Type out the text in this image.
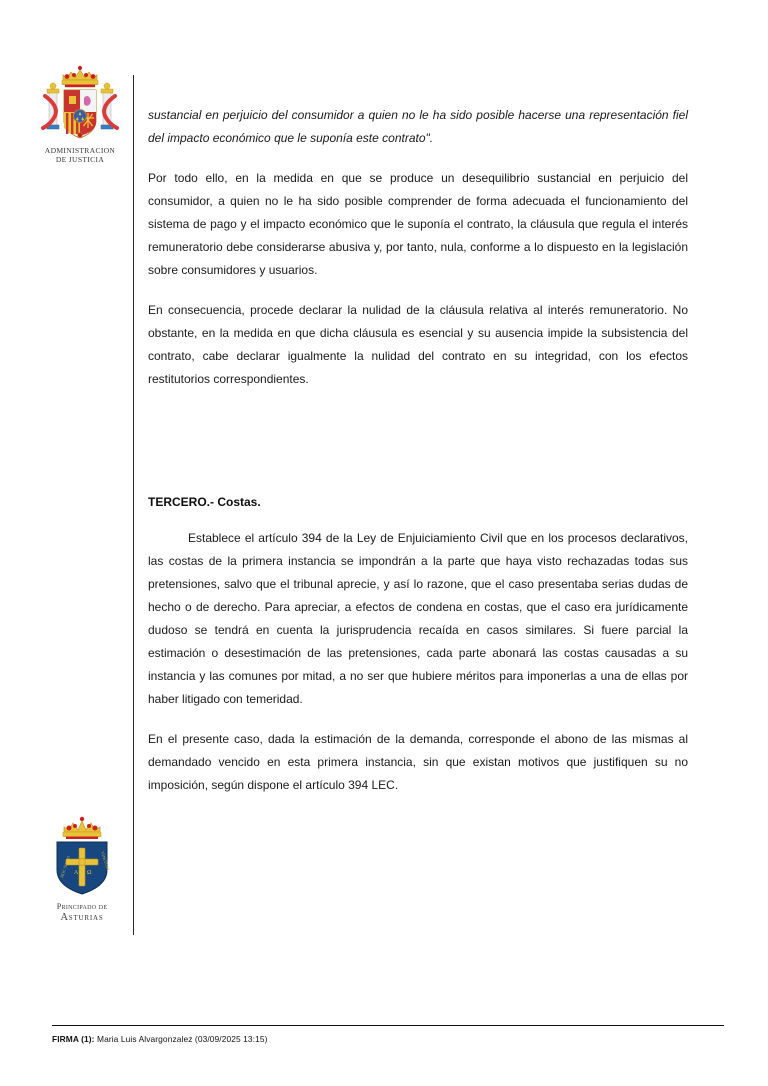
ADMINISTRACION
DE JUSTICIA
A Ω
HOC SIGNO	VINCITUR
Principado de
Asturias

sustancial en perjuicio del consumidor a quien no le ha sido posible hacerse una representación fiel del impacto económico que le suponía este contrato".

Por todo ello, en la medida en que se produce un desequilibrio sustancial en perjuicio del consumidor, a quien no le ha sido posible comprender de forma adecuada el funcionamiento del sistema de pago y el impacto económico que le suponía el contrato, la cláusula que regula el interés remuneratorio debe considerarse abusiva y, por tanto, nula, conforme a lo dispuesto en la legislación sobre consumidores y usuarios.

En consecuencia, procede declarar la nulidad de la cláusula relativa al interés remuneratorio. No obstante, en la medida en que dicha cláusula es esencial y su ausencia impide la subsistencia del contrato, cabe declarar igualmente la nulidad del contrato en su integridad, con los efectos restitutorios correspondientes.

TERCERO.- Costas.

Establece el artículo 394 de la Ley de Enjuiciamiento Civil que en los procesos declarativos, las costas de la primera instancia se impondrán a la parte que haya visto rechazadas todas sus pretensiones, salvo que el tribunal aprecie, y así lo razone, que el caso presentaba serias dudas de hecho o de derecho. Para apreciar, a efectos de condena en costas, que el caso era jurídicamente dudoso se tendrá en cuenta la jurisprudencia recaída en casos similares. Si fuere parcial la estimación o desestimación de las pretensiones, cada parte abonará las costas causadas a su instancia y las comunes por mitad, a no ser que hubiere méritos para imponerlas a una de ellas por haber litigado con temeridad.

En el presente caso, dada la estimación de la demanda, corresponde el abono de las mismas al demandado vencido en esta primera instancia, sin que existan motivos que justifiquen su no imposición, según dispone el artículo 394 LEC.

FIRMA (1): Maria Luis Alvargonzalez (03/09/2025 13:15)
